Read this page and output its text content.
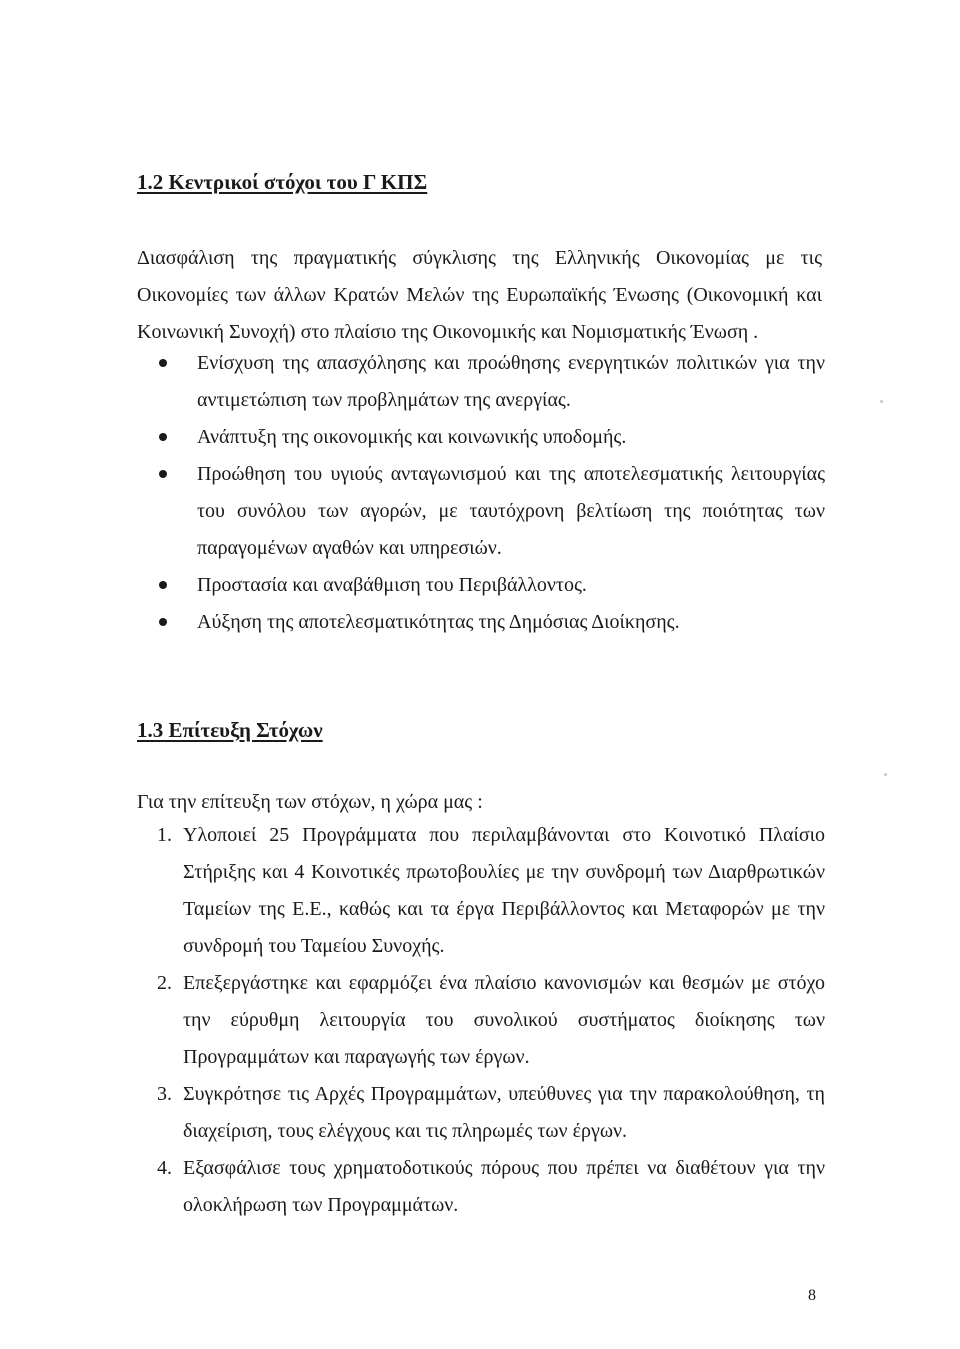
1.2 Κεντρικοί στόχοι του Γ ΚΠΣ
Διασφάλιση της πραγματικής σύγκλισης της Ελληνικής Οικονομίας με τις Οικονομίες των άλλων Κρατών Μελών της Ευρωπαϊκής Ένωσης (Οικονομική και Κοινωνική Συνοχή) στο πλαίσιο της Οικονομικής και Νομισματικής Ένωση .
Ενίσχυση της απασχόλησης και προώθησης ενεργητικών πολιτικών για την αντιμετώπιση των προβλημάτων της ανεργίας.
Ανάπτυξη της οικονομικής και κοινωνικής υποδομής.
Προώθηση του υγιούς ανταγωνισμού και της αποτελεσματικής λειτουργίας του συνόλου των αγορών, με ταυτόχρονη βελτίωση της ποιότητας των παραγομένων αγαθών και υπηρεσιών.
Προστασία και αναβάθμιση του Περιβάλλοντος.
Αύξηση της αποτελεσματικότητας της Δημόσιας Διοίκησης.
1.3 Επίτευξη Στόχων
Για την επίτευξη των στόχων, η χώρα μας :
1. Υλοποιεί 25 Προγράμματα που περιλαμβάνονται στο Κοινοτικό Πλαίσιο Στήριξης και 4 Κοινοτικές πρωτοβουλίες με την συνδρομή των Διαρθρωτικών Ταμείων της Ε.Ε., καθώς και τα έργα Περιβάλλοντος και Μεταφορών με την συνδρομή του Ταμείου Συνοχής.
2. Επεξεργάστηκε και εφαρμόζει ένα πλαίσιο κανονισμών και θεσμών με στόχο την εύρυθμη λειτουργία του συνολικού συστήματος διοίκησης των Προγραμμάτων και παραγωγής των έργων.
3. Συγκρότησε τις Αρχές Προγραμμάτων, υπεύθυνες για την παρακολούθηση, τη διαχείριση, τους ελέγχους και τις πληρωμές των έργων.
4. Εξασφάλισε τους χρηματοδοτικούς πόρους που πρέπει να διαθέτουν για την ολοκλήρωση των Προγραμμάτων.
8
